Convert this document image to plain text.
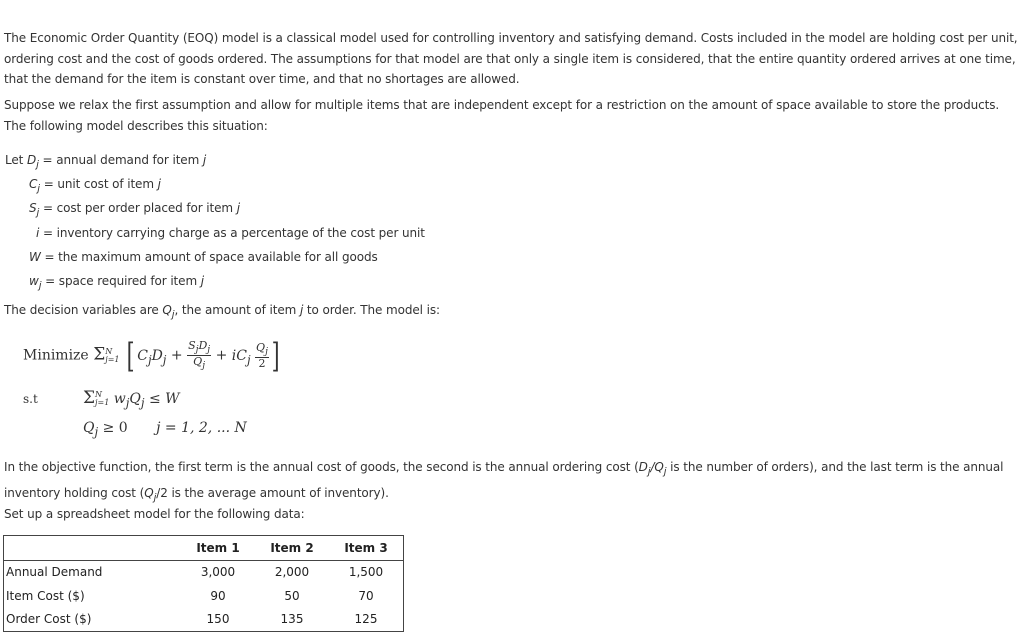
The Economic Order Quantity (EOQ) model is a classical model used for controlling inventory and satisfying demand. Costs included in the model are holding cost per unit, ordering cost and the cost of goods ordered. The assumptions for that model are that only a single item is considered, that the entire quantity ordered arrives at one time, that the demand for the item is constant over time, and that no shortages are allowed.

Suppose we relax the first assumption and allow for multiple items that are independent except for a restriction on the amount of space available to store the products. The following model describes this situation:

Let $D_j$ = annual demand for item j
$C_j$ = unit cost of item j
$S_j = \cos t$ per order placed for item j
i = inventory carrying charge as a percentage of the cost per unit
W = the maximum amount of space available for all goods
$w_j$ = space required for item j

The decision variables are $Q_j$, the amount of item j to order. The model is:

Minimize Σ N
j=1 [ $C_jD_j + \frac{S_jD_j}{Q_j} + iC_j \frac{Q_j}{2}$ ]
s.t	Σ N
j=1 $w_jQ_j \le W$
$Q_j \ge 0$ j = 1, 2, ... N

In the objective function, the first term is the annual cost of goods, the second is the annual ordering cost ($D_j/Q_j$ is the number of orders), and the last term is the annual inventory holding cost ($Q_j/2$ is the average amount of inventory).

Set up a spreadsheet model for the following data:

	Item 1	Item 2	Item 3
Annual Demand	3,000	2,000	1,500
Item Cost ($)	90	50	70
Order Cost ($)	150	135	125
